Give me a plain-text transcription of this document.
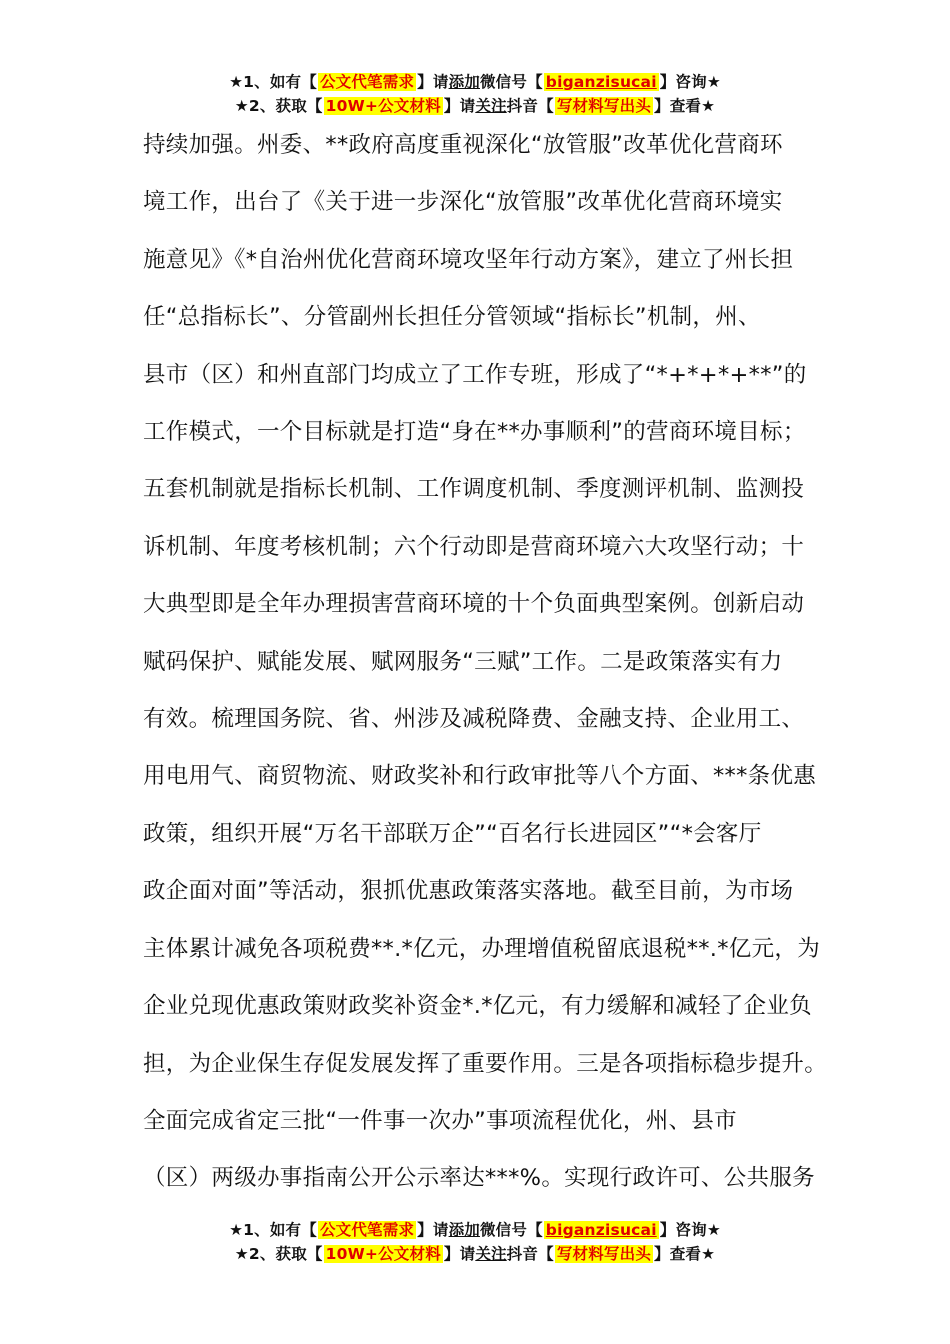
★1、如有【 公文代笔需求 】请添加微信号【 biganzisucai 】咨询★
★2、获取【 10W+公文材料 】请关注抖音【 写材料写出头 】查看★
持续加强。州委、**政府高度重视深化“放管服”改革优化营商环
境工作，出台了《关于进一步深化“放管服”改革优化营商环境实
施意见》《*自治州优化营商环境攻坚年行动方案》，建立了州长担
任“总指标长”、分管副州长担任分管领域“指标长”机制，州、
县市（区）和州直部门均成立了工作专班，形成了“*+*+*+**”的
工作模式，一个目标就是打造“身在**办事顺利”的营商环境目标；
五套机制就是指标长机制、工作调度机制、季度测评机制、监测投
诉机制、年度考核机制；六个行动即是营商环境六大攻坚行动；十
大典型即是全年办理损害营商环境的十个负面典型案例。创新启动
赋码保护、赋能发展、赋网服务“三赋”工作。二是政策落实有力
有效。梳理国务院、省、州涉及减税降费、金融支持、企业用工、
用电用气、商贸物流、财政奖补和行政审批等八个方面、***条优惠
政策，组织开展“万名干部联万企”“百名行长进园区”“*会客厅
政企面对面”等活动，狠抓优惠政策落实落地。截至目前，为市场
主体累计减免各项税费**.*亿元，办理增值税留底退税**.*亿元，为
企业兑现优惠政策财政奖补资金*.*亿元，有力缓解和减轻了企业负
担，为企业保生存促发展发挥了重要作用。三是各项指标稳步提升。
全面完成省定三批“一件事一次办”事项流程优化，州、县市
（区）两级办事指南公开公示率达***%。实现行政许可、公共服务
★1、如有【 公文代笔需求 】请添加微信号【 biganzisucai 】咨询★
★2、获取【 10W+公文材料 】请关注抖音【 写材料写出头 】查看★
